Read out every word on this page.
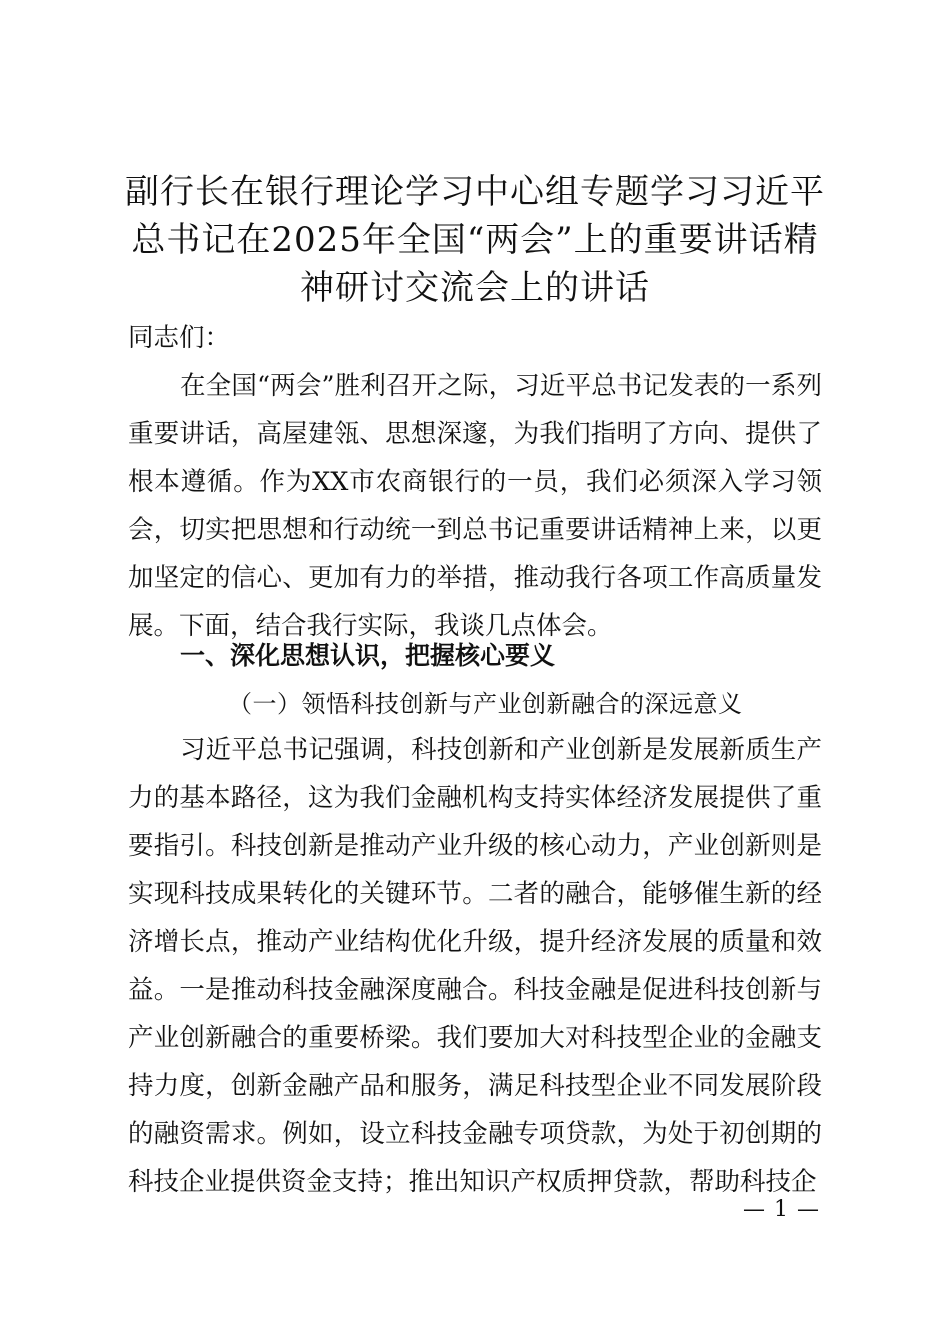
副行长在银行理论学习中心组专题学习习近平总书记在2025年全国“两会”上的重要讲话精神研讨交流会上的讲话

同志们：

在全国“两会”胜利召开之际，习近平总书记发表的一系列重要讲话，高屋建瓴、思想深邃，为我们指明了方向、提供了根本遵循。作为XX市农商银行的一员，我们必须深入学习领会，切实把思想和行动统一到总书记重要讲话精神上来，以更加坚定的信心、更加有力的举措，推动我行各项工作高质量发展。下面，结合我行实际，我谈几点体会。

一、深化思想认识，把握核心要义

（一）领悟科技创新与产业创新融合的深远意义

习近平总书记强调，科技创新和产业创新是发展新质生产力的基本路径，这为我们金融机构支持实体经济发展提供了重要指引。科技创新是推动产业升级的核心动力，产业创新则是实现科技成果转化的关键环节。二者的融合，能够催生新的经济增长点，推动产业结构优化升级，提升经济发展的质量和效益。一是推动科技金融深度融合。科技金融是促进科技创新与产业创新融合的重要桥梁。我们要加大对科技型企业的金融支持力度，创新金融产品和服务，满足科技型企业不同发展阶段的融资需求。例如，设立科技金融专项贷款，为处于初创期的科技企业提供资金支持；推出知识产权质押贷款，帮助科技企

— 1 —
